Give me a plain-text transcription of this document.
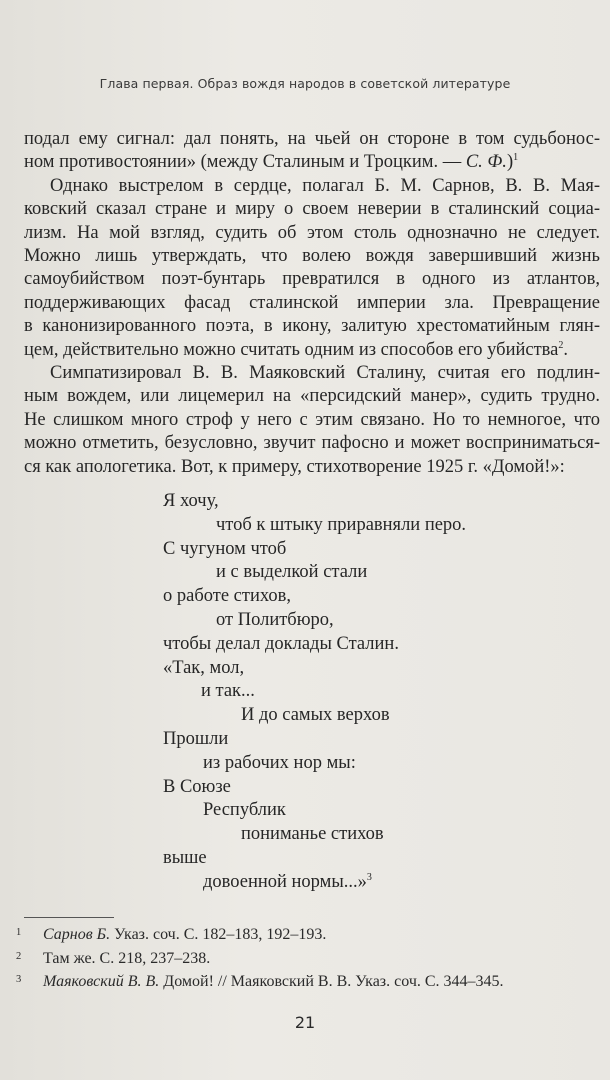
Глава первая. Образ вождя народов в советской литературе

подал ему сигнал: дал понять, на чьей он стороне в том судьбонос-
ном противостоянии» (между Сталиным и Троцким. — С. Ф.)$^1$

Однако выстрелом в сердце, полагал Б. М. Сарнов, В. В. Мая-
ковский сказал стране и миру о своем неверии в сталинский социа-
лизм. На мой взгляд, судить об этом столь однозначно не следует.
Можно лишь утверждать, что волею вождя завершивший жизнь
самоубийством поэт-бунтарь превратился в одного из атлантов,
поддерживающих фасад сталинской империи зла. Превращение
в канонизированного поэта, в икону, залитую хрестоматийным глян-
цем, действительно можно считать одним из способов его убийства$^2$.

Симпатизировал В. В. Маяковский Сталину, считая его подлин-
ным вождем, или лицемерил на «персидский манер», судить трудно.
Не слишком много строф у него с этим связано. Но то немногое, что
можно отметить, безусловно, звучит пафосно и может восприниматься-
ся как апологетика. Вот, к примеру, стихотворение 1925 г. «Домой!»:

Я хочу,
чтоб к штыку приравняли перо.
С чугуном чтоб
и с выделкой стали
о работе стихов,
от Политбюро,
чтобы делал доклады Сталин.
«Так, мол,
и так...
И до самых верхов
Прошли
из рабочих нор мы:
В Союзе
Республик
пониманье стихов
выше
довоенной нормы...»$^3$
1 Сарнов Б. Указ. соч. С. 182–183, 192–193.
2 Там же. С. 218, 237–238.
3 Маяковский В. В. Домой! // Маяковский В. В. Указ. соч. С. 344–345.
21
